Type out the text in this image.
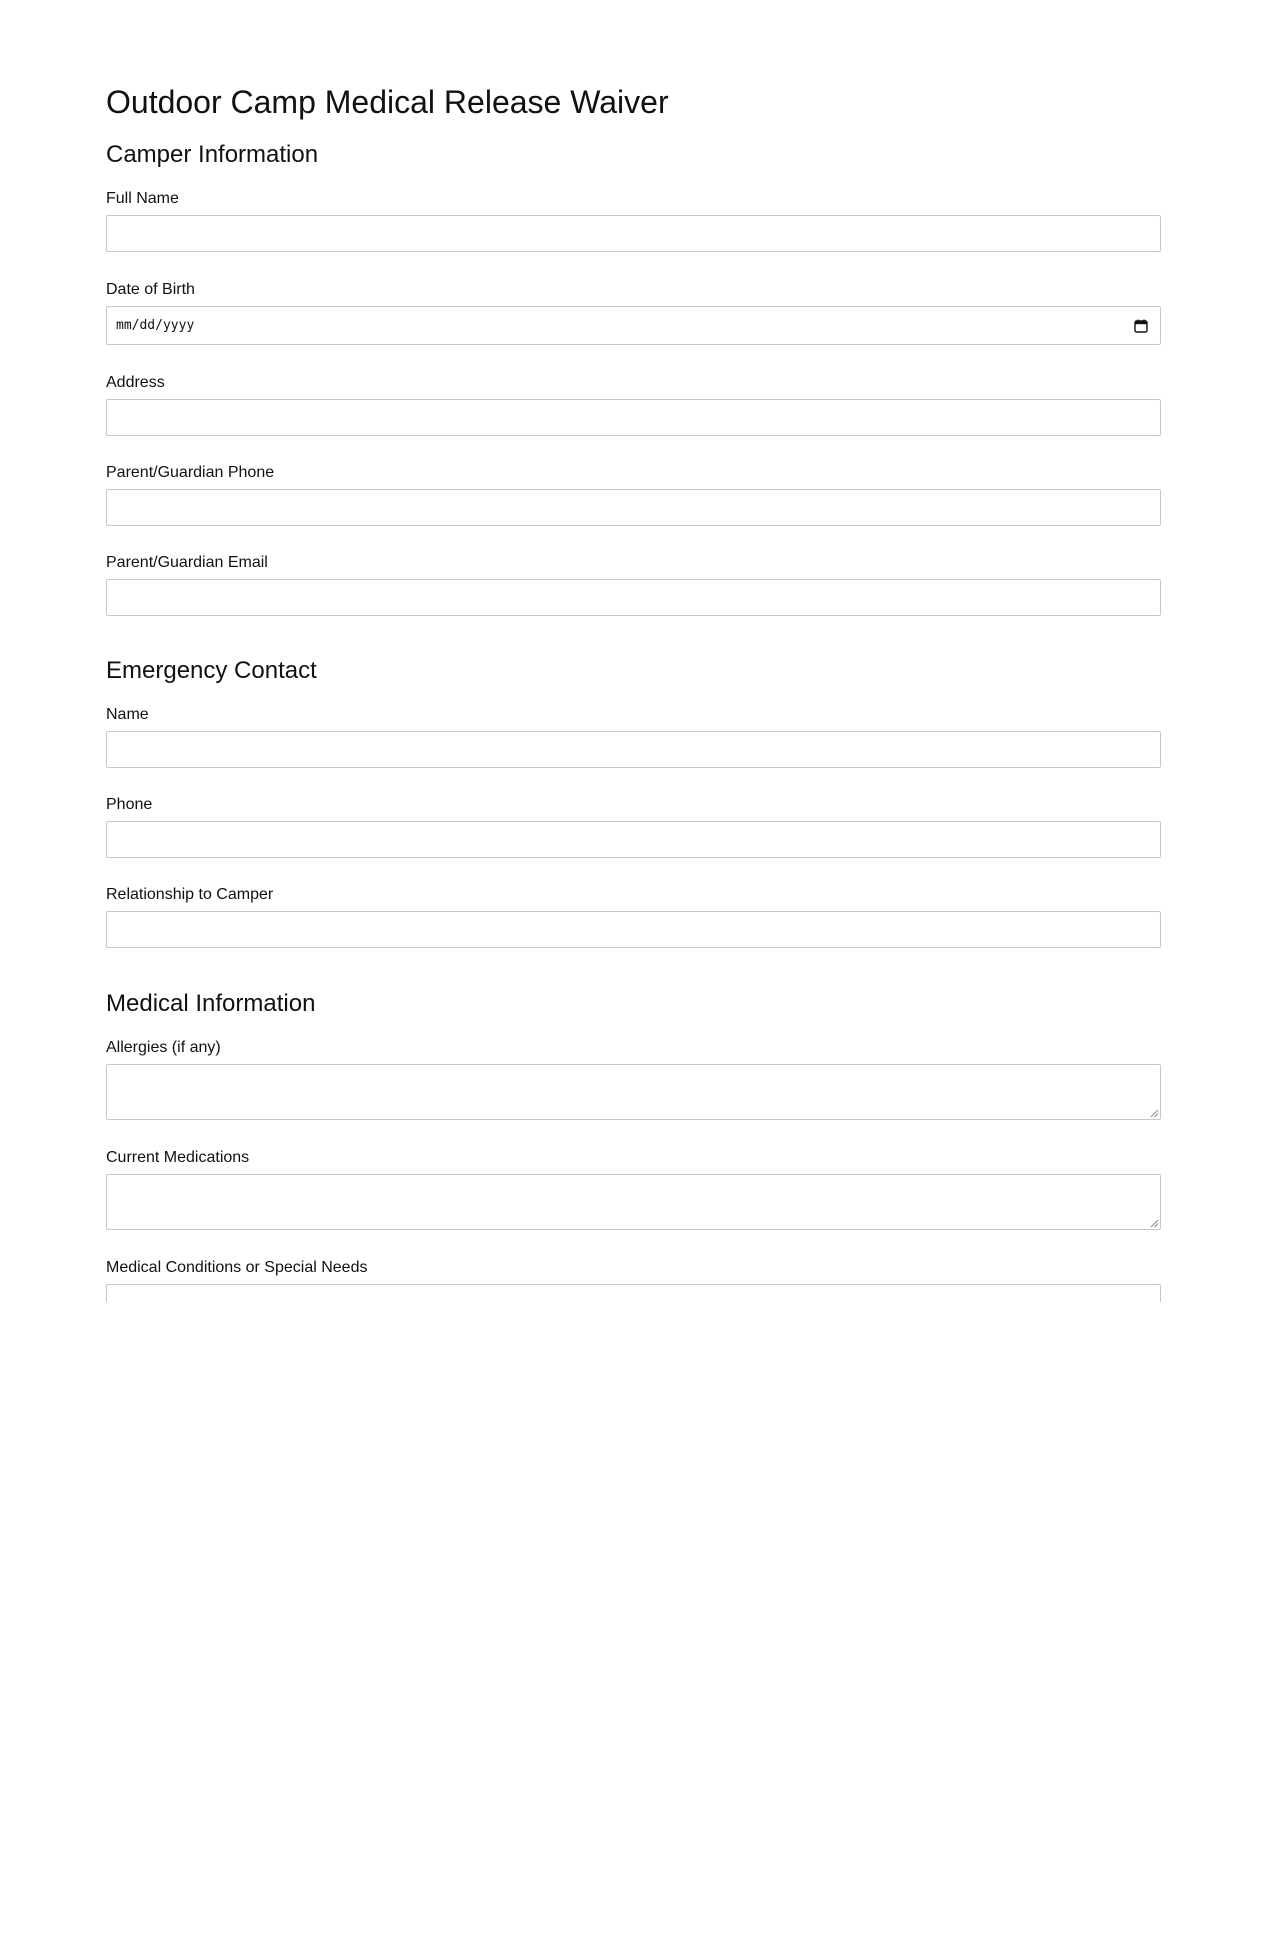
Outdoor Camp Medical Release Waiver
Camper Information
Full Name
Date of Birth
mm/dd/yyyy
Address
Parent/Guardian Phone
Parent/Guardian Email
Emergency Contact
Name
Phone
Relationship to Camper
Medical Information
Allergies (if any)
Current Medications
Medical Conditions or Special Needs
